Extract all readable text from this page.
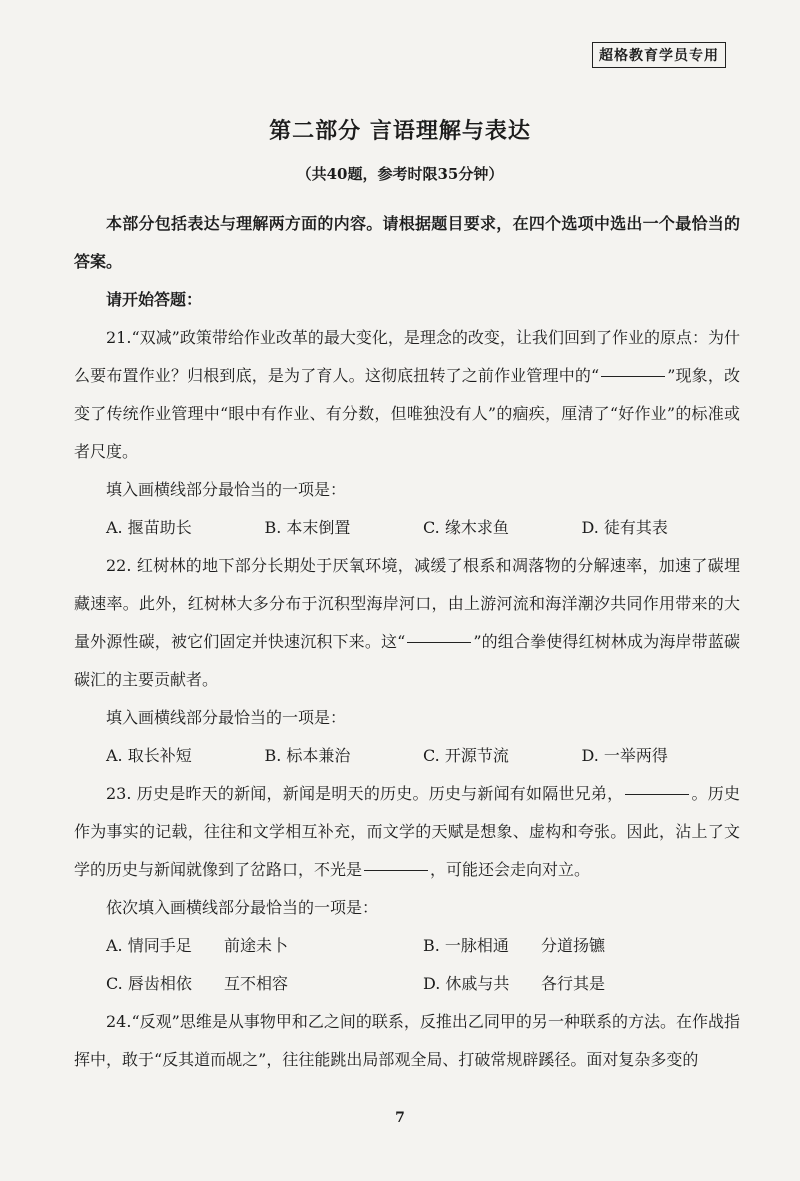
超格教育学员专用
第二部分 言语理解与表达
（共40题，参考时限35分钟）

本部分包括表达与理解两方面的内容。请根据题目要求，在四个选项中选出一个最恰当的答案。

请开始答题：

21.“双减”政策带给作业改革的最大变化，是理念的改变，让我们回到了作业的原点：为什么要布置作业？归根到底，是为了育人。这彻底扭转了之前作业管理中的“	”现象，改变了传统作业管理中“眼中有作业、有分数，但唯独没有人”的痼疾，厘清了“好作业”的标准或者尺度。

填入画横线部分最恰当的一项是：

A. 揠苗助长	B. 本末倒置	C. 缘木求鱼	D. 徒有其表

22. 红树林的地下部分长期处于厌氧环境，减缓了根系和凋落物的分解速率，加速了碳埋藏速率。此外，红树林大多分布于沉积型海岸河口，由上游河流和海洋潮汐共同作用带来的大量外源性碳，被它们固定并快速沉积下来。这“	”的组合拳使得红树林成为海岸带蓝碳碳汇的主要贡献者。

填入画横线部分最恰当的一项是：

A. 取长补短	B. 标本兼治	C. 开源节流	D. 一举两得

23. 历史是昨天的新闻，新闻是明天的历史。历史与新闻有如隔世兄弟，	。历史作为事实的记载，往往和文学相互补充，而文学的天赋是想象、虚构和夸张。因此，沾上了文学的历史与新闻就像到了岔路口，不光是	，可能还会走向对立。

依次填入画横线部分最恰当的一项是：

A. 情同手足 前途未卜	B. 一脉相通 分道扬镳
C. 唇齿相依 互不相容	D. 休戚与共 各行其是

24.“反观”思维是从事物甲和乙之间的联系，反推出乙同甲的另一种联系的方法。在作战指挥中，敢于“反其道而觇之”，往往能跳出局部观全局、打破常规辟蹊径。面对复杂多变的

7
